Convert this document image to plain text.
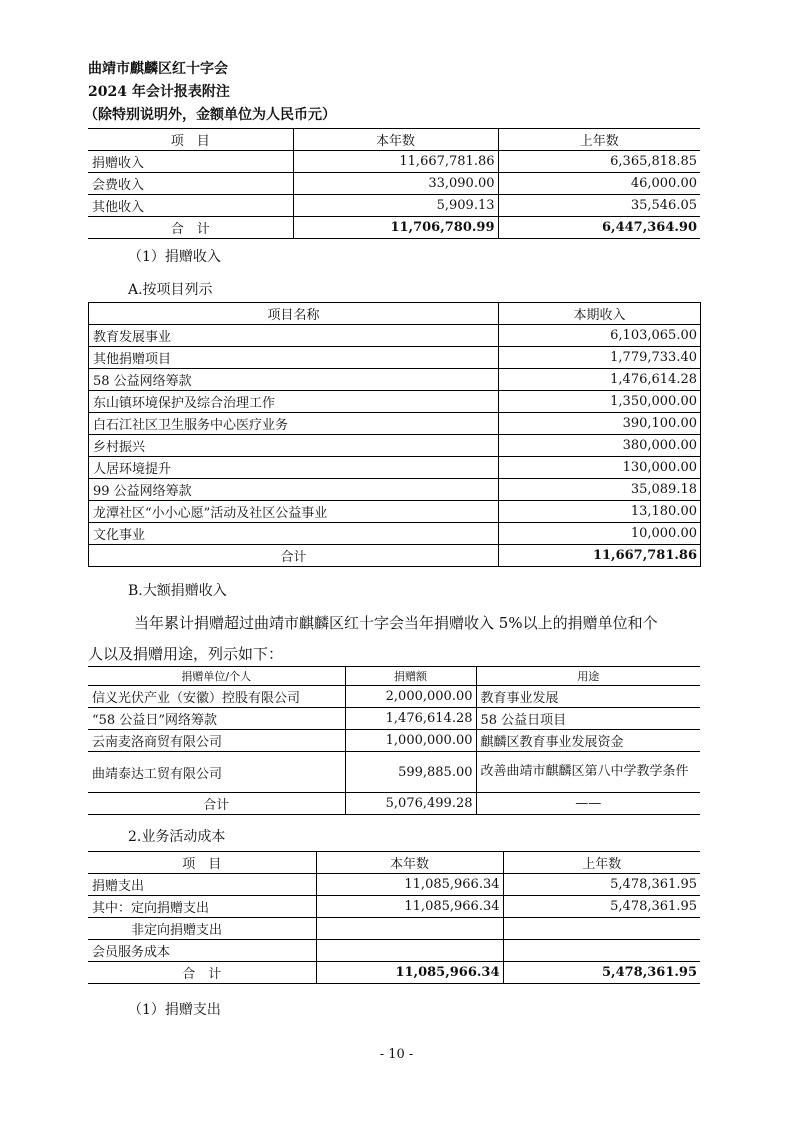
曲靖市麒麟区红十字会
2024 年会计报表附注
（除特别说明外，金额单位为人民币元）
项　目	本年数	上年数
捐赠收入	11,667,781.86	6,365,818.85
会费收入	33,090.00	46,000.00
其他收入	5,909.13	35,546.05
合　计	11,706,780.99	6,447,364.90
（1）捐赠收入
A.按项目列示
项目名称	本期收入
教育发展事业	6,103,065.00
其他捐赠项目	1,779,733.40
58 公益网络筹款	1,476,614.28
东山镇环境保护及综合治理工作	1,350,000.00
白石江社区卫生服务中心医疗业务	390,100.00
乡村振兴	380,000.00
人居环境提升	130,000.00
99 公益网络筹款	35,089.18
龙潭社区“小小心愿”活动及社区公益事业	13,180.00
文化事业	10,000.00
合计	11,667,781.86
B.大额捐赠收入
当年累计捐赠超过曲靖市麒麟区红十字会当年捐赠收入 5%以上的捐赠单位和个
人以及捐赠用途，列示如下：
捐赠单位/个人	捐赠额	用途
信义光伏产业（安徽）控股有限公司	2,000,000.00	教育事业发展
“58 公益日”网络筹款	1,476,614.28	58 公益日项目
云南麦洛商贸有限公司	1,000,000.00	麒麟区教育事业发展资金
曲靖泰达工贸有限公司	599,885.00	改善曲靖市麒麟区第八中学教学条件
合计	5,076,499.28	——
2.业务活动成本
项　目	本年数	上年数
捐赠支出	11,085,966.34	5,478,361.95
其中：定向捐赠支出	11,085,966.34	5,478,361.95
　　　非定向捐赠支出		
会员服务成本		
合　计	11,085,966.34	5,478,361.95
（1）捐赠支出
- 10 -
